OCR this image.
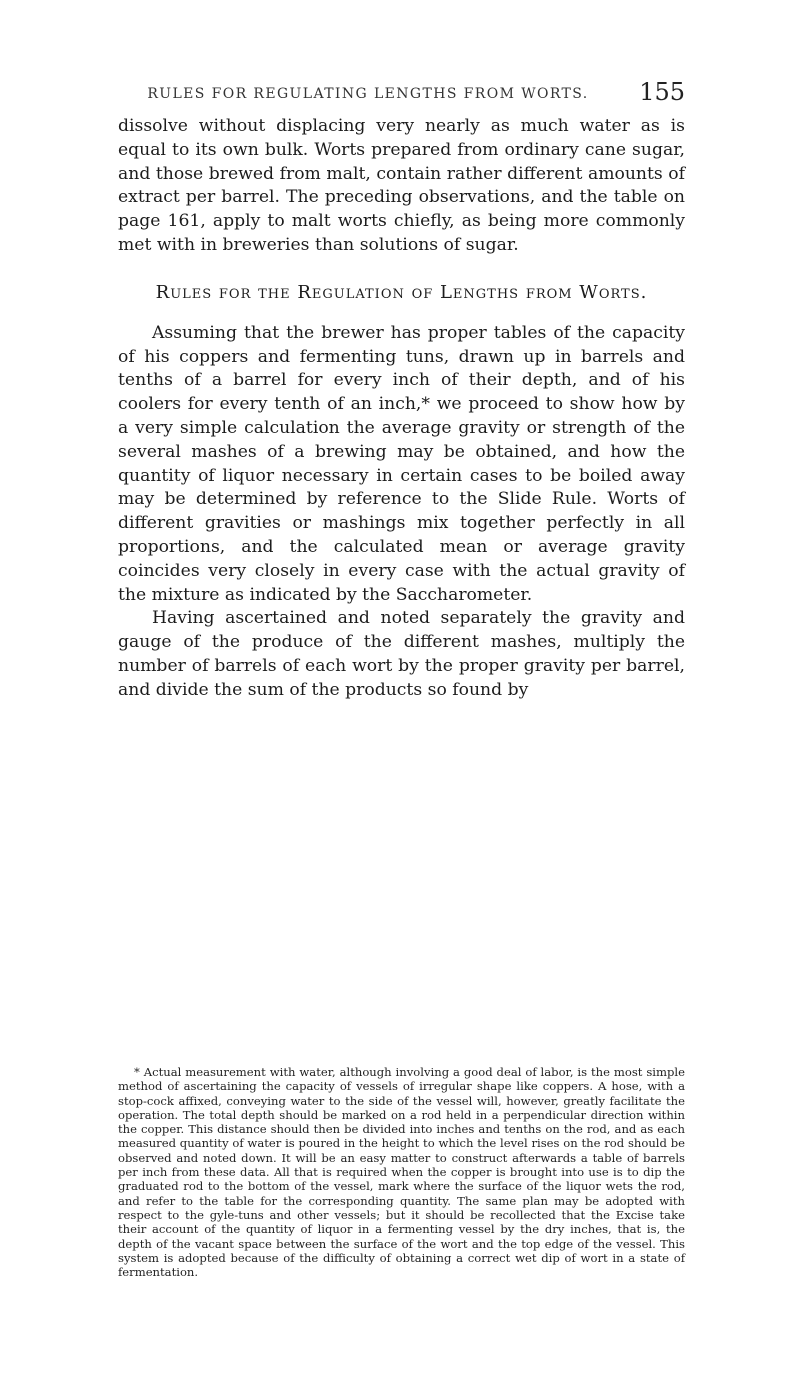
RULES FOR REGULATING LENGTHS FROM WORTS.	155

dissolve without displacing very nearly as much water as is equal to its own bulk. Worts prepared from ordinary cane sugar, and those brewed from malt, contain rather different amounts of extract per barrel. The preceding observations, and the table on page 161, apply to malt worts chiefly, as being more commonly met with in breweries than solutions of sugar.

Rules for the Regulation of Lengths from Worts.

Assuming that the brewer has proper tables of the capacity of his coppers and fermenting tuns, drawn up in barrels and tenths of a barrel for every inch of their depth, and of his coolers for every tenth of an inch,* we proceed to show how by a very simple calculation the average gravity or strength of the several mashes of a brewing may be obtained, and how the quantity of liquor necessary in certain cases to be boiled away may be determined by reference to the Slide Rule. Worts of different gravities or mashings mix together perfectly in all proportions, and the calculated mean or average gravity coincides very closely in every case with the actual gravity of the mixture as indicated by the Saccharometer.

Having ascertained and noted separately the gravity and gauge of the produce of the different mashes, multiply the number of barrels of each wort by the proper gravity per barrel, and divide the sum of the products so found by

* Actual measurement with water, although involving a good deal of labor, is the most simple method of ascertaining the capacity of vessels of irregular shape like coppers. A hose, with a stop-cock affixed, conveying water to the side of the vessel will, however, greatly facilitate the operation. The total depth should be marked on a rod held in a perpendicular direction within the copper. This distance should then be divided into inches and tenths on the rod, and as each measured quantity of water is poured in the height to which the level rises on the rod should be observed and noted down. It will be an easy matter to construct afterwards a table of barrels per inch from these data. All that is required when the copper is brought into use is to dip the graduated rod to the bottom of the vessel, mark where the surface of the liquor wets the rod, and refer to the table for the corresponding quantity. The same plan may be adopted with respect to the gyle-tuns and other vessels; but it should be recollected that the Excise take their account of the quantity of liquor in a fermenting vessel by the dry inches, that is, the depth of the vacant space between the surface of the wort and the top edge of the vessel. This system is adopted because of the difficulty of obtaining a correct wet dip of wort in a state of fermentation.
